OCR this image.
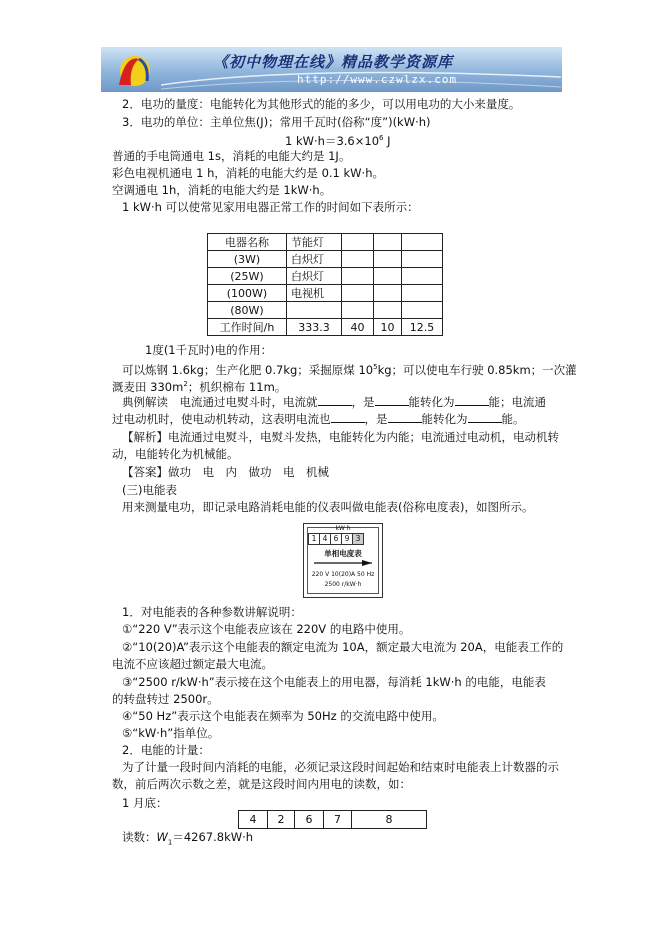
《初中物理在线》精品教学资源库
http://www.czwlzx.com
2．电功的量度：电能转化为其他形式的能的多少，可以用电功的大小来量度。
3．电功的单位：主单位焦(J)；常用千瓦时(俗称“度”)(kW·h)
1 $kW\cdot h=3.6\times 10^6$ J
普通的手电筒通电 1s，消耗的电能大约是 1J。
彩色电视机通电 1 h，消耗的电能大约是 0.1 kW·h。
空调通电 1h，消耗的电能大约是 1kW·h。
1 kW·h 可以使常见家用电器正常工作的时间如下表所示：
电器名称	节能灯			
(3W)	白炽灯			
(25W)	白炽灯			
(100W)	电视机			
(80W)				
工作时间/h	333.3	40	10	12.5
1度(1千瓦时)电的作用：
可以炼钢 1.6kg；生产化肥 0.7kg；采掘原煤 $10^5kg$；可以使电车行驶 0.85km；一次灌
溉麦田 $330m^2$；机织棉布 11m。
典例解读　电流通过电熨斗时，电流就	，是	能转化为	能；电流通
过电动机时，使电动机转动，这表明电流也	，是	能转化为	能。
【解析】电流通过电熨斗，电熨斗发热，电能转化为内能；电流通过电动机，电动机转
动，电能转化为机械能。
【答案】做功　电　内　做功　电　机械
(三)电能表
用来测量电功，即记录电路消耗电能的仪表叫做电能表(俗称电度表)，如图所示。
kW·h
1 4 6 9 3
单相电度表
220 V 10(20)A 50 Hz
2500 r/kW·h
1．对电能表的各种参数讲解说明：
①“220 V”表示这个电能表应该在 220V 的电路中使用。
②“10(20)A”表示这个电能表的额定电流为 10A，额定最大电流为 20A，电能表工作的
电流不应该超过额定最大电流。
③“2500 r/kW·h”表示接在这个电能表上的用电器，每消耗 1kW·h 的电能，电能表
的转盘转过 2500r。
④“50 Hz”表示这个电能表在频率为 50Hz 的交流电路中使用。
⑤“kW·h”指单位。
2．电能的计量：
为了计量一段时间内消耗的电能，必须记录这段时间起始和结束时电能表上计数器的示
数，前后两次示数之差，就是这段时间内用电的读数，如：
1 月底：
4	2	6	7	8
读数：$W_1=4267.8kW\cdot h$
